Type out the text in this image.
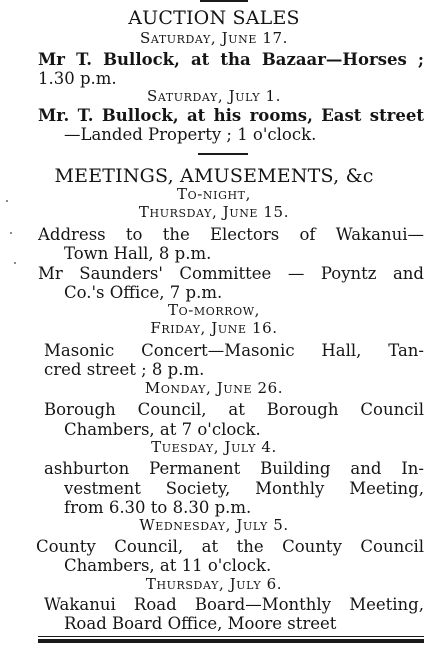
AUCTION SALES
Saturday, June 17.
Mr T. Bullock, at tha Bazaar—Horses ;
1.30 p.m.
Saturday, July 1.
Mr. T. Bullock, at his rooms, East street
—Landed Property ; 1 o'clock.
MEETINGS, AMUSEMENTS, &c
To-night,
Thursday, June 15.
Address to the Electors of Wakanui—
Town Hall, 8 p.m.
Mr Saunders' Committee — Poyntz and
Co.'s Office, 7 p.m.
To-morrow,
Friday, June 16.
Masonic Concert—Masonic Hall, Tan-
cred street ; 8 p.m.
Monday, June 26.
Borough Council, at Borough Council
Chambers, at 7 o'clock.
Tuesday, July 4.
ashburton Permanent Building and In-
vestment Society, Monthly Meeting,
from 6.30 to 8.30 p.m.
Wednesday, July 5.
County Council, at the County Council
Chambers, at 11 o'clock.
Thursday, July 6.
Wakanui Road Board—Monthly Meeting,
Road Board Office, Moore street
